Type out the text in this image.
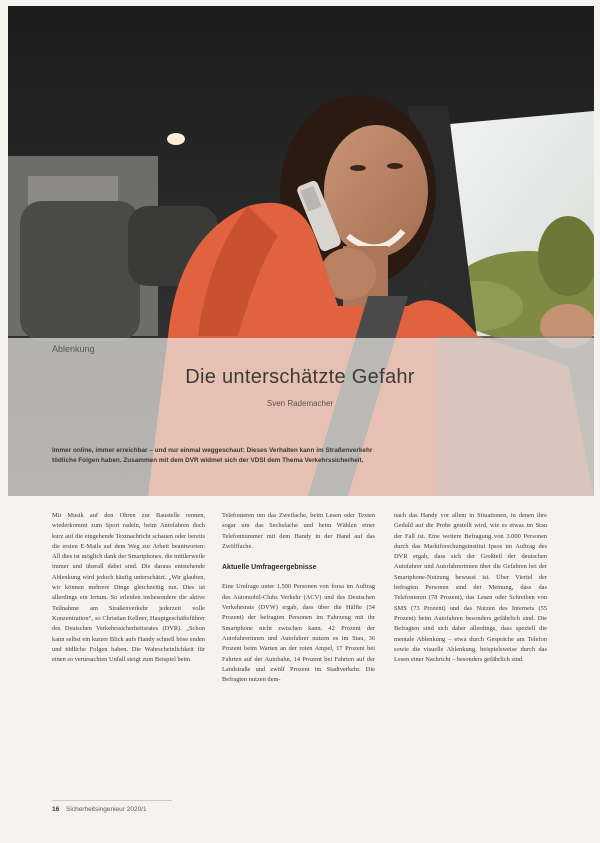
Ablenkung
Die unterschätzte Gefahr
Sven Rademacher
Immer online, immer erreichbar – und nur einmal weggeschaut: Dieses Verhalten kann im Straßenverkehr tödliche Folgen haben. Zusammen mit dem DVR widmet sich der VDSI dem Thema Verkehrssicherheit.

Mit Musik auf den Ohren zur Baustelle rennen, wiederkommt zum Sport radeln, beim Autofahren doch kurz auf die eingehende Textnachricht schauen oder bereits die ersten E-Mails auf dem Weg zur Arbeit beantworten: All dies ist möglich dank der Smartphones, die mittlerweile immer und überall dabei sind. Die daraus entstehende Ablenkung wird jedoch häufig unterschätzt. „Wir glauben, wir können mehrere Dinge gleichzeitig tun. Dies ist allerdings ein Irrtum. So erleiden insbesondere die aktive Teilnahme am Straßenverkehr jederzeit volle Konzentration“, so Christian Kellner, Hauptgeschäftsführer des Deutschen Verkehrssicherheitsrates (DVR). „Schon kann selbst ein kurzer Blick aufs Handy schnell böse enden und tödliche Folgen haben. Die Wahrscheinlichkeit für einen so verursachten Unfall steigt zum Beispiel beim

Telefonieren um das Zweifache, beim Lesen oder Texten sogar um das Sechsfache und beim Wählen einer Telefonnummer mit dem Handy in der Hand auf das Zwölffache.

Aktuelle Umfrageergebnisse

Eine Umfrage unter 1.500 Personen von forsa im Auftrag des Automobil-Clubs Verkehr (ACV) und des Deutschen Verkehrsrats (DVW) ergab, dass über die Hälfte (54 Prozent) der befragten Personen im Fahrzeug mit ihr Smartphone nicht zwischen kann. 42 Prozent der Autofahrerinnen und Autofahrer nutzen es im Stau, 36 Prozent beim Warten an der roten Ampel, 17 Prozent bei Fahrten auf der Autobahn, 14 Prozent bei Fahrten auf der Landstraße und zwölf Prozent im Stadtverkehr. Die Befragten nutzen dem-

nach das Handy vor allem in Situationen, in denen ihre Geduld auf die Probe gestellt wird, wie es etwas im Stau der Fall ist. Eine weitere Befragung von 3.000 Personen durch das Marktforschungsinstitut Ipsos im Auftrag des DVR ergab, dass sich der Großteil der deutschen Autofahrer und Autofahrerinnen über die Gefahren bei der Smartphone-Nutzung bewusst ist. Über Viertel der befragten Personen sind der Meinung, dass das Telefonieren (78 Prozent), das Lesen oder Schreiben von SMS (73 Prozent) und das Nutzen des Internets (55 Prozent) beim Autofahren besonders gefährlich sind. Die Befragten sind sich daher allerdings, dass speziell die mentale Ablenkung – etwa durch Gespräche am Telefon sowie die visuelle Ablenkung, beispielsweise durch das Lesen einer Nachricht – besonders gefährlich sind.

16 Sicherheitsingenieur 2020/1
